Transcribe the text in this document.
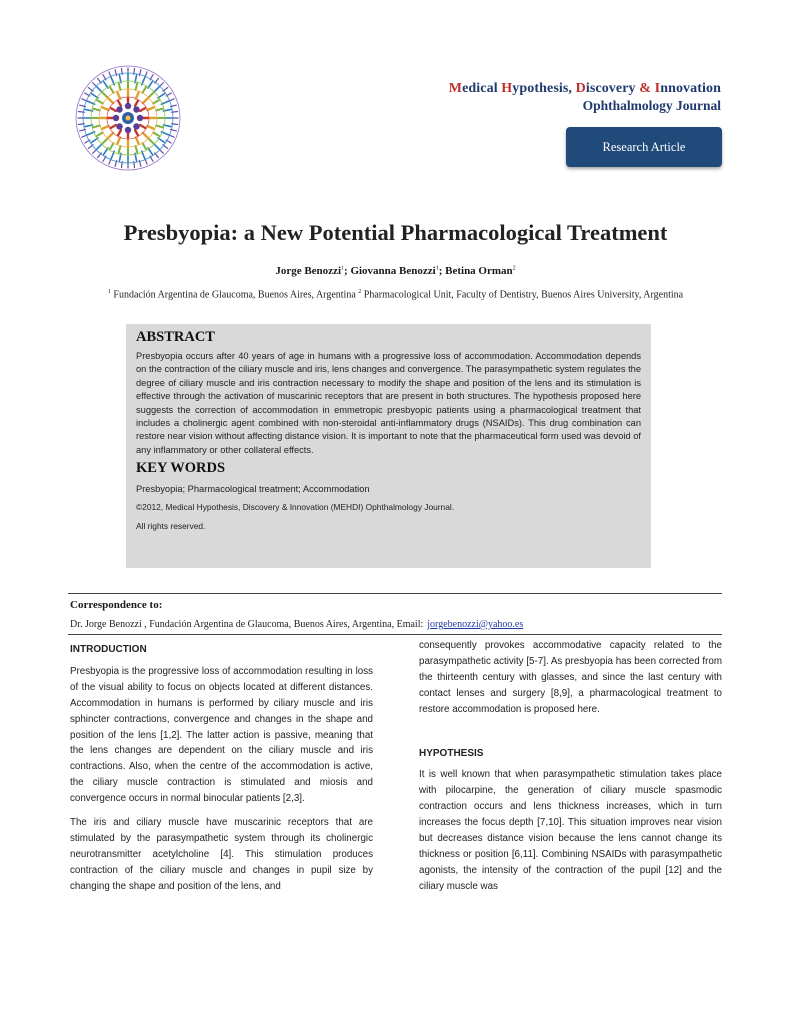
Medical Hypothesis, Discovery & Innovation
Ophthalmology Journal
Research Article
Presbyopia: a New Potential Pharmacological Treatment
Jorge Benozzi$^1$; Giovanna Benozzi$^1$; Betina Orman$^2$
$^1$ Fundación Argentina de Glaucoma, Buenos Aires, Argentina $^2$ Pharmacological Unit, Faculty of Dentistry, Buenos Aires University, Argentina
ABSTRACT

Presbyopia occurs after 40 years of age in humans with a progressive loss of accommodation. Accommodation depends on the contraction of the ciliary muscle and iris, lens changes and convergence. The parasympathetic system regulates the degree of ciliary muscle and iris contraction necessary to modify the shape and position of the lens and its stimulation is effective through the activation of muscarinic receptors that are present in both structures. The hypothesis proposed here suggests the correction of accommodation in emmetropic presbyopic patients using a pharmacological treatment that includes a cholinergic agent combined with non-steroidal anti-inflammatory drugs (NSAIDs). This drug combination can restore near vision without affecting distance vision. It is important to note that the pharmaceutical form used was devoid of any inflammatory or other collateral effects.

KEY WORDS

Presbyopia; Pharmacological treatment; Accommodation

©2012, Medical Hypothesis, Discovery & Innovation (MEHDI) Ophthalmology Journal.

All rights reserved.

Correspondence to:
Dr. Jorge Benozzi , Fundación Argentina de Glaucoma, Buenos Aires, Argentina, Email: jorgebenozzi@yahoo.es
INTRODUCTION

Presbyopia is the progressive loss of accommodation resulting in loss of the visual ability to focus on objects located at different distances. Accommodation in humans is performed by ciliary muscle and iris sphincter contractions, convergence and changes in the shape and position of the lens [1,2]. The latter action is passive, meaning that the lens changes are dependent on the ciliary muscle and iris contractions. Also, when the centre of the accommodation is active, the ciliary muscle contraction is stimulated and miosis and convergence occurs in normal binocular patients [2,3].

The iris and ciliary muscle have muscarinic receptors that are stimulated by the parasympathetic system through its cholinergic neurotransmitter acetylcholine [4]. This stimulation produces contraction of the ciliary muscle and changes in pupil size by changing the shape and position of the lens, and

consequently provokes accommodative capacity related to the parasympathetic activity [5-7]. As presbyopia has been corrected from the thirteenth century with glasses, and since the last century with contact lenses and surgery [8,9], a pharmacological treatment to restore accommodation is proposed here.

HYPOTHESIS

It is well known that when parasympathetic stimulation takes place with pilocarpine, the generation of ciliary muscle spasmodic contraction occurs and lens thickness increases, which in turn increases the focus depth [7,10]. This situation improves near vision but decreases distance vision because the lens cannot change its thickness or position [6,11]. Combining NSAIDs with parasympathetic agonists, the intensity of the contraction of the pupil [12] and the ciliary muscle was
